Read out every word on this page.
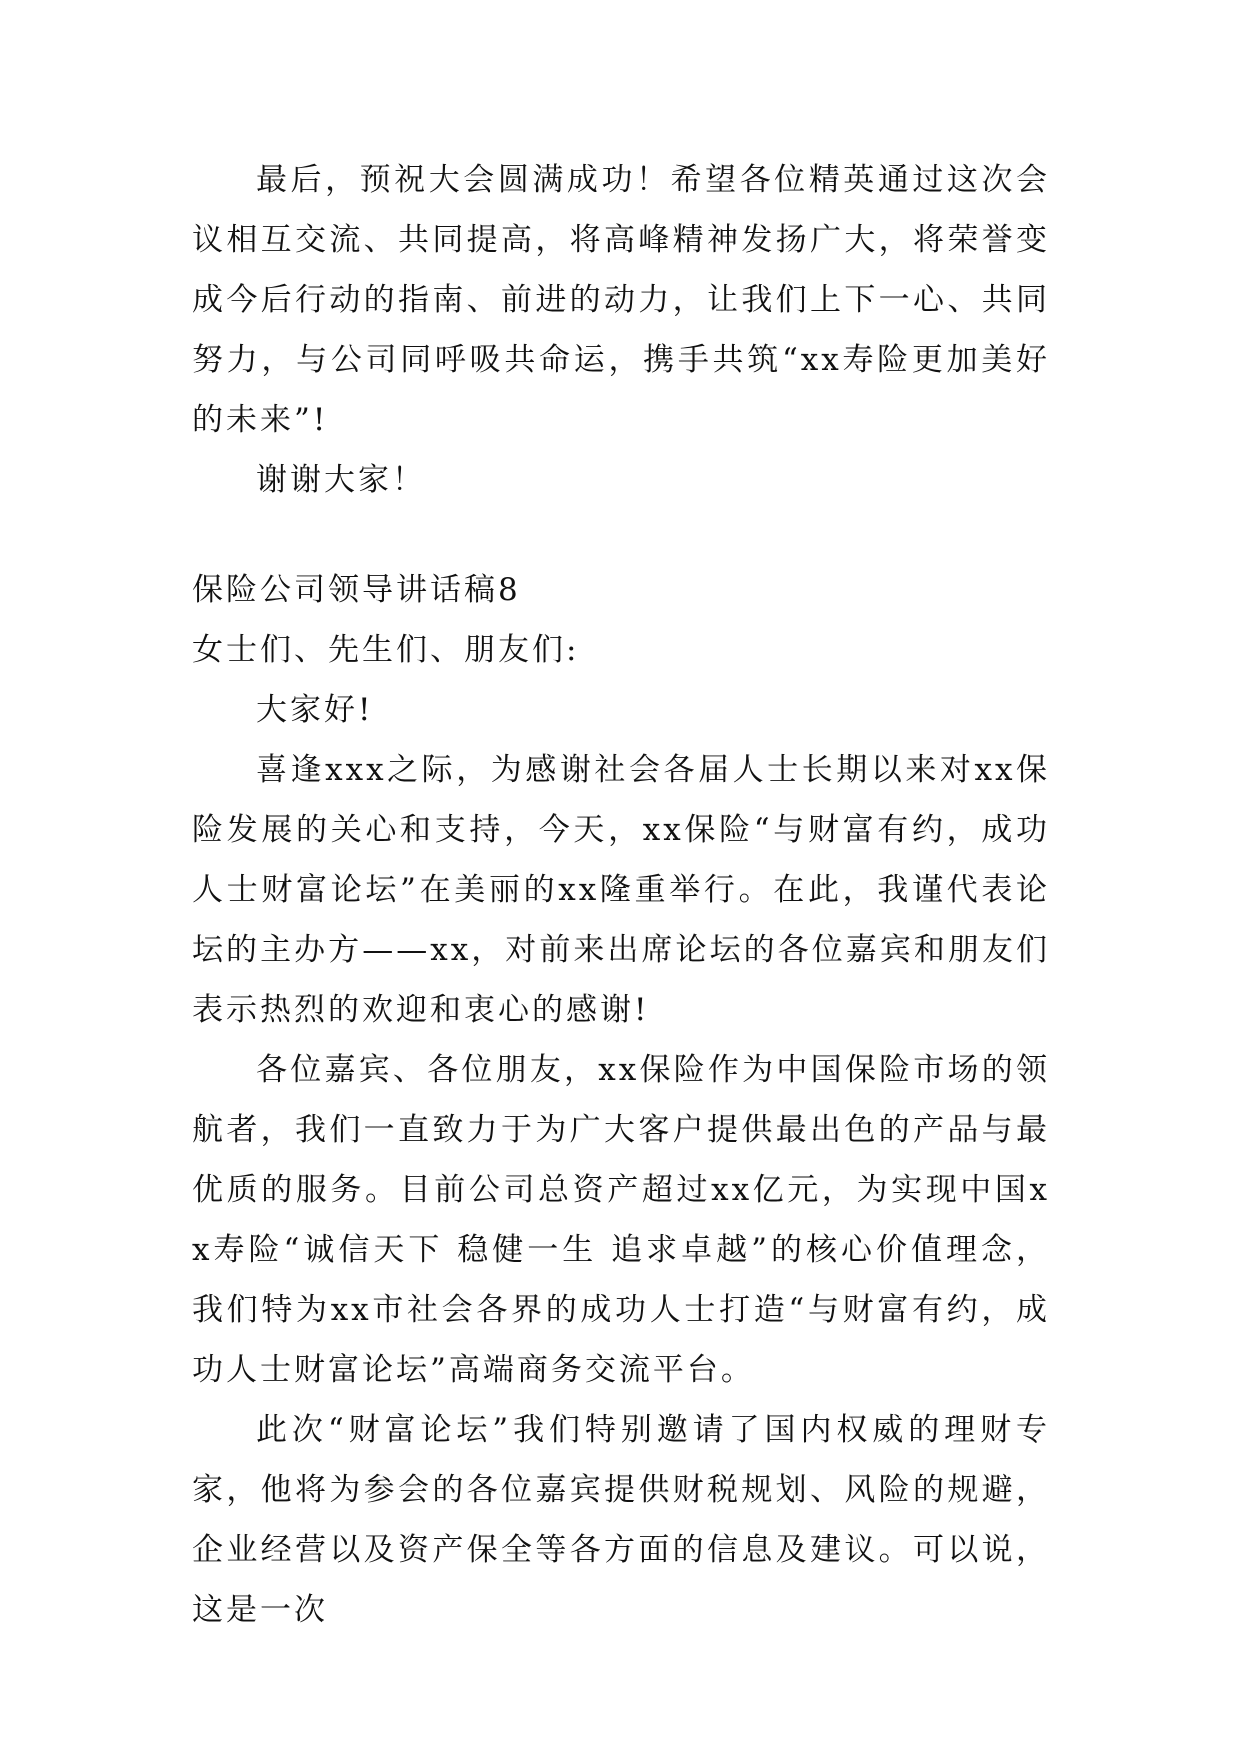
最后，预祝大会圆满成功！希望各位精英通过这次会议相互交流、共同提高，将高峰精神发扬广大，将荣誉变成今后行动的指南、前进的动力，让我们上下一心、共同努力，与公司同呼吸共命运，携手共筑“xx寿险更加美好的未来”!

谢谢大家！

保险公司领导讲话稿8

女士们、先生们、朋友们:

大家好!

喜逢xxx之际，为感谢社会各届人士长期以来对xx保险发展的关心和支持，今天，xx保险“与财富有约，成功人士财富论坛”在美丽的xx隆重举行。在此，我谨代表论坛的主办方——xx，对前来出席论坛的各位嘉宾和朋友们表示热烈的欢迎和衷心的感谢!

各位嘉宾、各位朋友，xx保险作为中国保险市场的领航者，我们一直致力于为广大客户提供最出色的产品与最优质的服务。目前公司总资产超过xx亿元，为实现中国xx寿险“诚信天下 稳健一生 追求卓越”的核心价值理念，我们特为xx市社会各界的成功人士打造“与财富有约，成功人士财富论坛”高端商务交流平台。

此次“财富论坛”我们特别邀请了国内权威的理财专家，他将为参会的各位嘉宾提供财税规划、风险的规避，企业经营以及资产保全等各方面的信息及建议。可以说，这是一次
